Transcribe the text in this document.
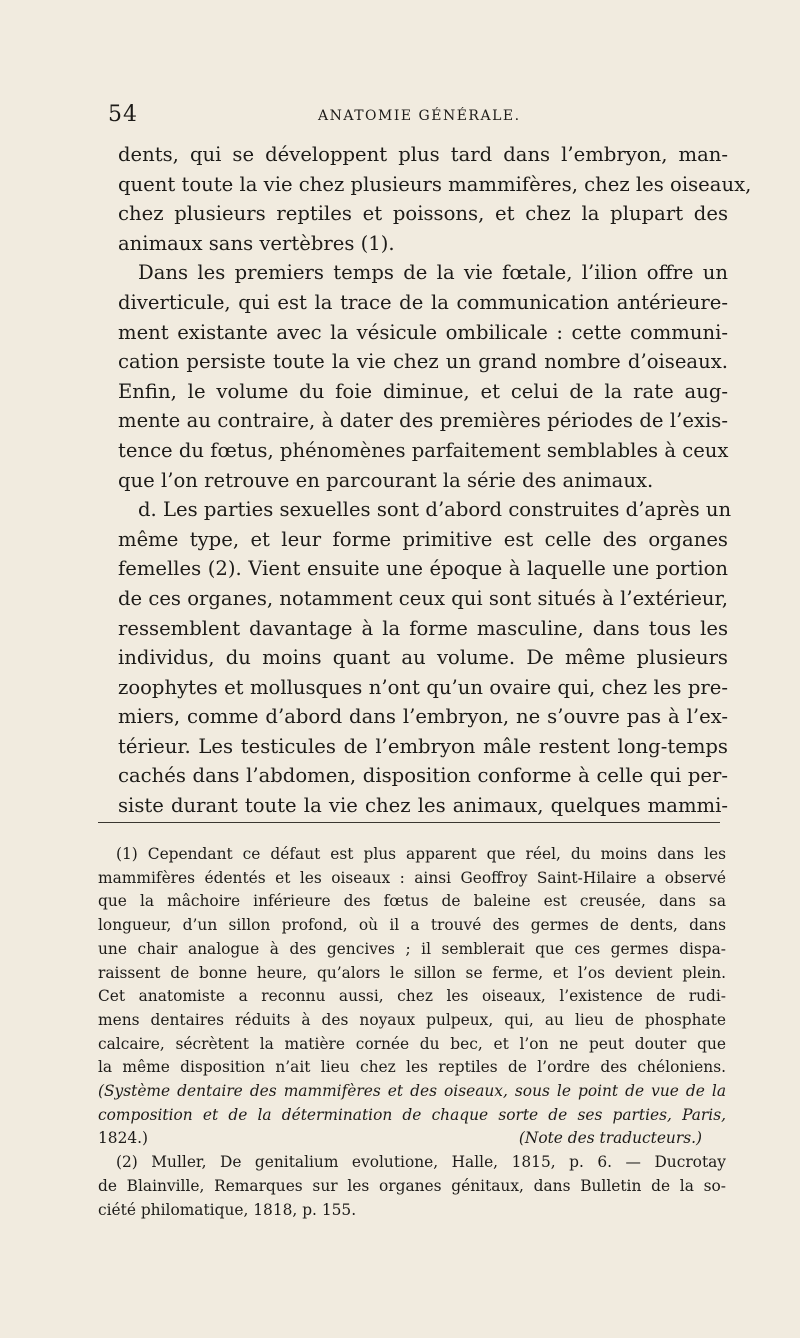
54	ANATOMIE GÉNÉRALE.
dents, qui se développent plus tard dans l’embryon, man-
quent toute la vie chez plusieurs mammifères, chez les oiseaux,
chez plusieurs reptiles et poissons, et chez la plupart des
animaux sans vertèbres (1).
Dans les premiers temps de la vie fœtale, l’ilion offre un
diverticule, qui est la trace de la communication antérieure-
ment existante avec la vésicule ombilicale : cette communi-
cation persiste toute la vie chez un grand nombre d’oiseaux.
Enfin, le volume du foie diminue, et celui de la rate aug-
mente au contraire, à dater des premières périodes de l’exis-
tence du fœtus, phénomènes parfaitement semblables à ceux
que l’on retrouve en parcourant la série des animaux.
d. Les parties sexuelles sont d’abord construites d’après un
même type, et leur forme primitive est celle des organes
femelles (2). Vient ensuite une époque à laquelle une portion
de ces organes, notamment ceux qui sont situés à l’extérieur,
ressemblent davantage à la forme masculine, dans tous les
individus, du moins quant au volume. De même plusieurs
zoophytes et mollusques n’ont qu’un ovaire qui, chez les pre-
miers, comme d’abord dans l’embryon, ne s’ouvre pas à l’ex-
térieur. Les testicules de l’embryon mâle restent long-temps
cachés dans l’abdomen, disposition conforme à celle qui per-
siste durant toute la vie chez les animaux, quelques mammi-
(1) Cependant ce défaut est plus apparent que réel, du moins dans les
mammifères édentés et les oiseaux : ainsi Geoffroy Saint-Hilaire a observé
que la mâchoire inférieure des fœtus de baleine est creusée, dans sa
longueur, d’un sillon profond, où il a trouvé des germes de dents, dans
une chair analogue à des gencives ; il semblerait que ces germes dispa-
raissent de bonne heure, qu’alors le sillon se ferme, et l’os devient plein.
Cet anatomiste a reconnu aussi, chez les oiseaux, l’existence de rudi-
mens dentaires réduits à des noyaux pulpeux, qui, au lieu de phosphate
calcaire, sécrètent la matière cornée du bec, et l’on ne peut douter que
la même disposition n’ait lieu chez les reptiles de l’ordre des chéloniens.
(Système dentaire des mammifères et des oiseaux, sous le point de vue de la
composition et de la détermination de chaque sorte de ses parties, Paris,
1824.)	(Note des traducteurs.)
(2) Muller, De genitalium evolutione, Halle, 1815, p. 6. — Ducrotay
de Blainville, Remarques sur les organes génitaux, dans Bulletin de la so-
ciété philomatique, 1818, p. 155.
